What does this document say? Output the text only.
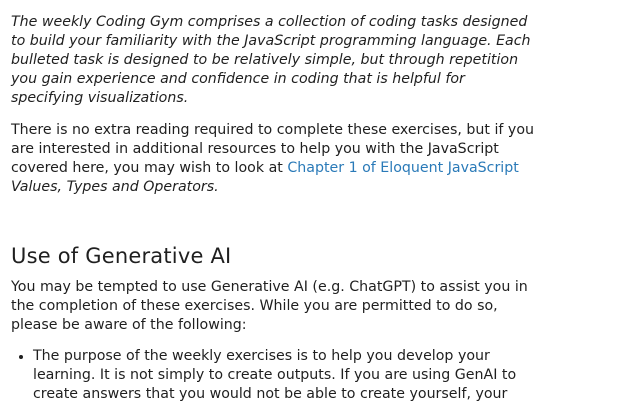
The weekly Coding Gym comprises a collection of coding tasks designed to build your familiarity with the JavaScript programming language. Each bulleted task is designed to be relatively simple, but through repetition you gain experience and confidence in coding that is helpful for specifying visualizations.

There is no extra reading required to complete these exercises, but if you are interested in additional resources to help you with the JavaScript covered here, you may wish to look at Chapter 1 of Eloquent JavaScript Values, Types and Operators.

Use of Generative AI

You may be tempted to use Generative AI (e.g. ChatGPT) to assist you in the completion of these exercises. While you are permitted to do so, please be aware of the following:

• The purpose of the weekly exercises is to help you develop your learning. It is not simply to create outputs. If you are using GenAI to create answers that you would not be able to create yourself, your
